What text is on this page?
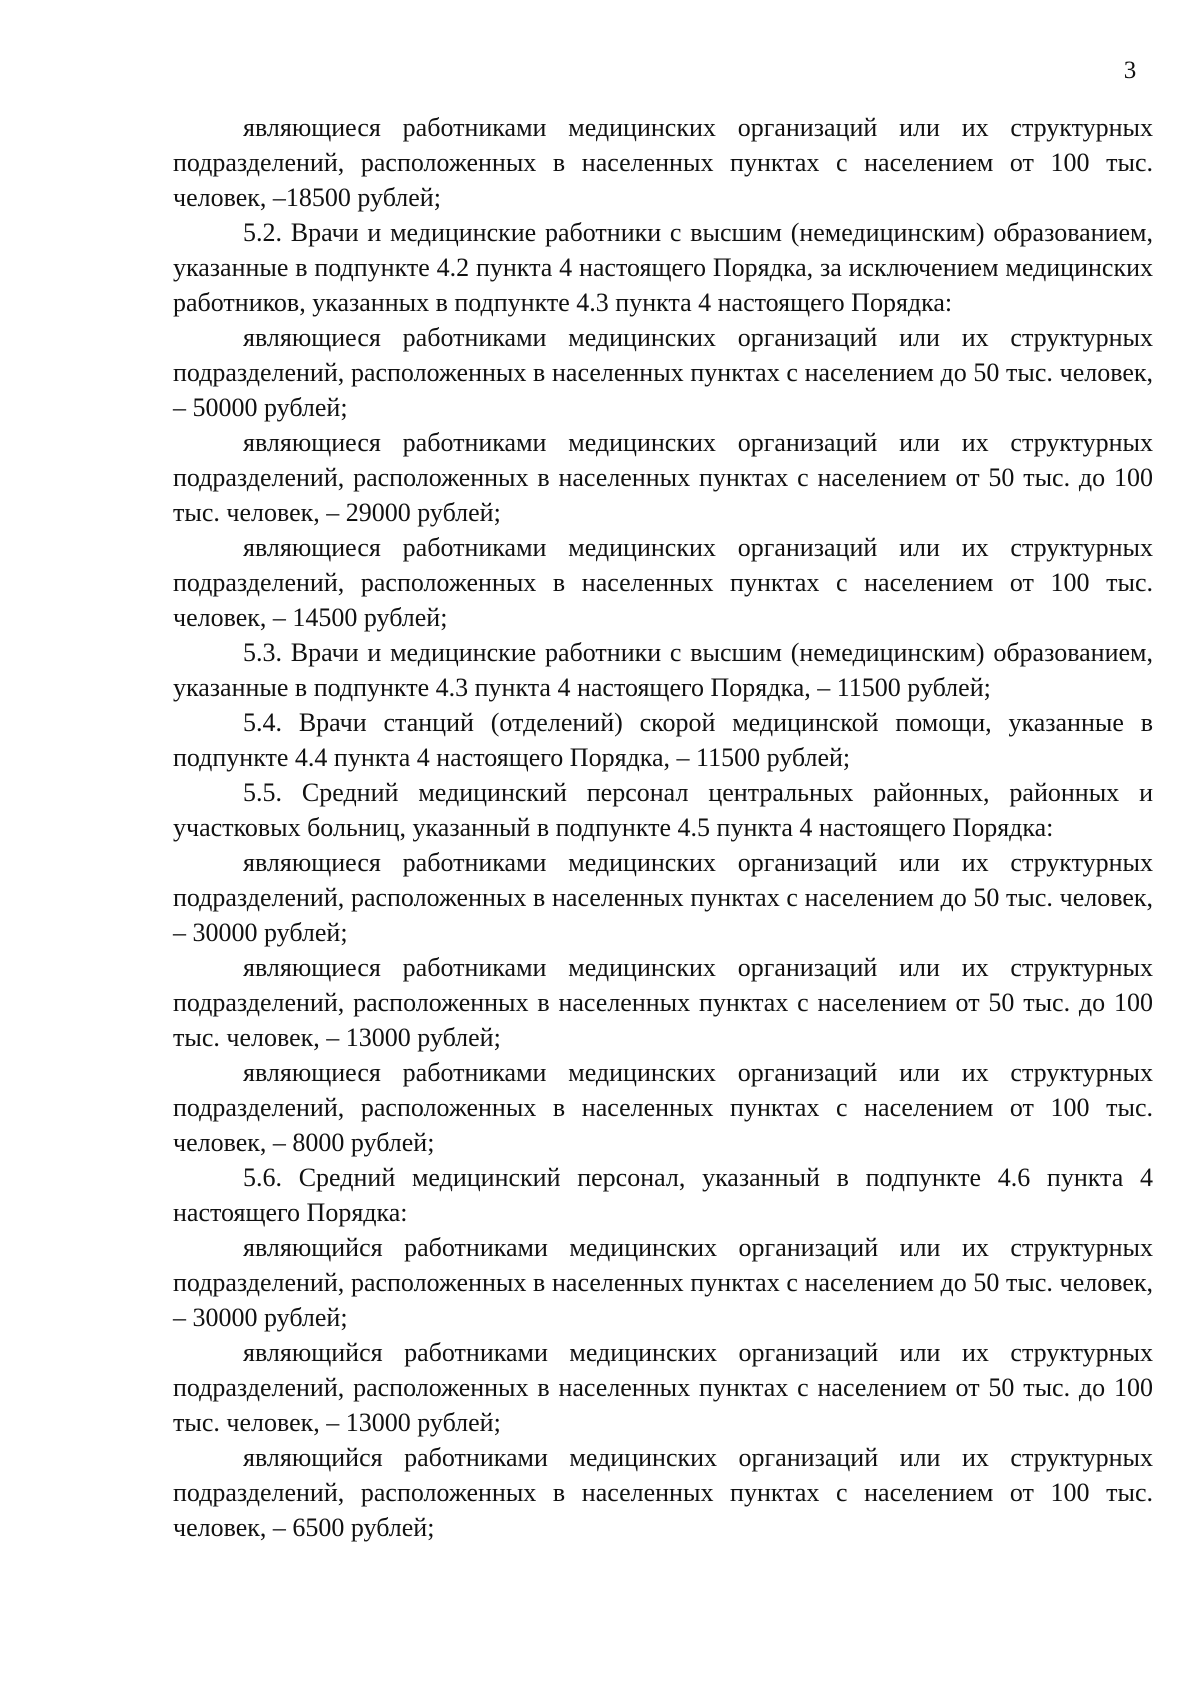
3

являющиеся работниками медицинских организаций или их структурных подразделений, расположенных в населенных пунктах с населением от 100 тыс. человек, –18500 рублей;

5.2. Врачи и медицинские работники с высшим (немедицинским) образованием, указанные в подпункте 4.2 пункта 4 настоящего Порядка, за исключением медицинских работников, указанных в подпункте 4.3 пункта 4 настоящего Порядка:

являющиеся работниками медицинских организаций или их структурных подразделений, расположенных в населенных пунктах с населением до 50 тыс. человек, – 50000 рублей;

являющиеся работниками медицинских организаций или их структурных подразделений, расположенных в населенных пунктах с населением от 50 тыс. до 100 тыс. человек, – 29000 рублей;

являющиеся работниками медицинских организаций или их структурных подразделений, расположенных в населенных пунктах с населением от 100 тыс. человек, – 14500 рублей;

5.3. Врачи и медицинские работники с высшим (немедицинским) образованием, указанные в подпункте 4.3 пункта 4 настоящего Порядка, – 11500 рублей;

5.4. Врачи станций (отделений) скорой медицинской помощи, указанные в подпункте 4.4 пункта 4 настоящего Порядка, – 11500 рублей;

5.5. Средний медицинский персонал центральных районных, районных и участковых больниц, указанный в подпункте 4.5 пункта 4 настоящего Порядка:

являющиеся работниками медицинских организаций или их структурных подразделений, расположенных в населенных пунктах с населением до 50 тыс. человек, – 30000 рублей;

являющиеся работниками медицинских организаций или их структурных подразделений, расположенных в населенных пунктах с населением от 50 тыс. до 100 тыс. человек, – 13000 рублей;

являющиеся работниками медицинских организаций или их структурных подразделений, расположенных в населенных пунктах с населением от 100 тыс. человек, – 8000 рублей;

5.6. Средний медицинский персонал, указанный в подпункте 4.6 пункта 4 настоящего Порядка:

являющийся работниками медицинских организаций или их структурных подразделений, расположенных в населенных пунктах с населением до 50 тыс. человек, – 30000 рублей;

являющийся работниками медицинских организаций или их структурных подразделений, расположенных в населенных пунктах с населением от 50 тыс. до 100 тыс. человек, – 13000 рублей;

являющийся работниками медицинских организаций или их структурных подразделений, расположенных в населенных пунктах с населением от 100 тыс. человек, – 6500 рублей;
